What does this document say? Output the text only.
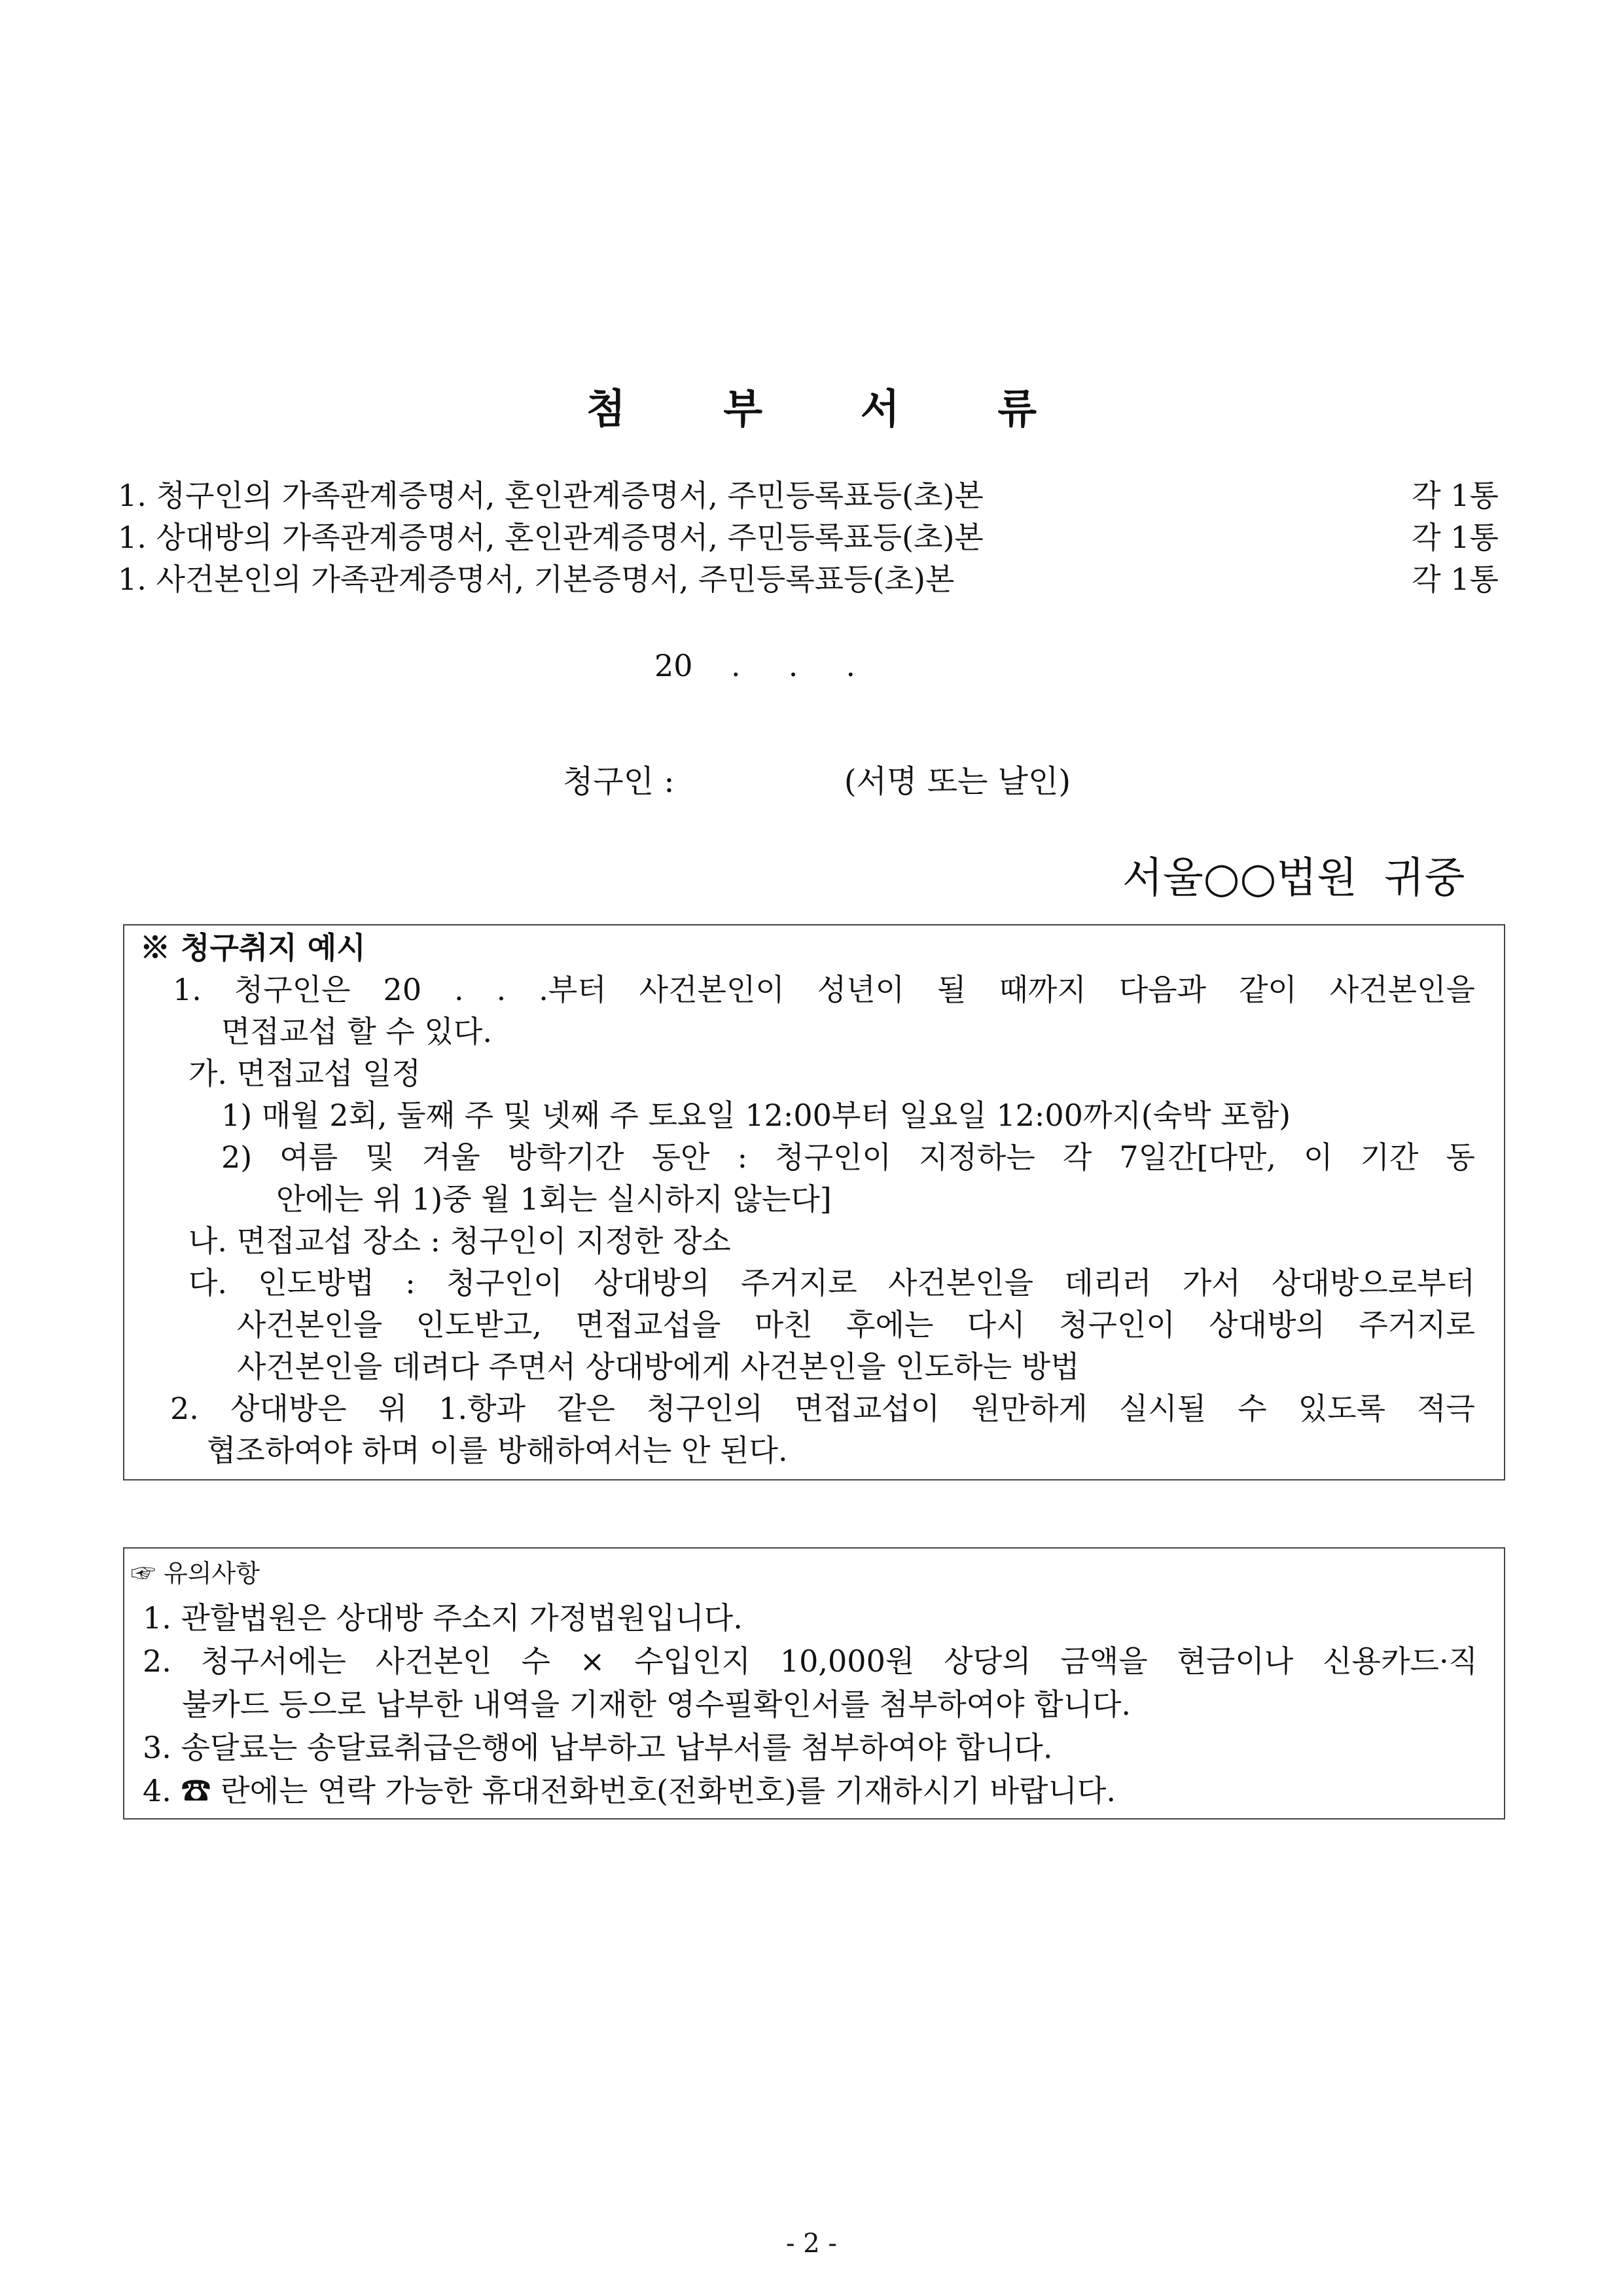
첨 부 서 류
1. 청구인의 가족관계증명서, 혼인관계증명서, 주민등록표등(초)본	각 1통
1. 상대방의 가족관계증명서, 혼인관계증명서, 주민등록표등(초)본	각 1통
1. 사건본인의 가족관계증명서, 기본증명서, 주민등록표등(초)본	각 1통
20    .     .     .
청구인 :                 (서명 또는 날인)
서울○○법원  귀중
※ 청구취지 예시
1. 청구인은 20 . . .부터 사건본인이 성년이 될 때까지 다음과 같이 사건본인을
면접교섭 할 수 있다.
가. 면접교섭 일정
1) 매월 2회, 둘째 주 및 넷째 주 토요일 12:00부터 일요일 12:00까지(숙박 포함)
2) 여름 및 겨울 방학기간 동안 : 청구인이 지정하는 각 7일간[다만, 이 기간 동
안에는 위 1)중 월 1회는 실시하지 않는다]
나. 면접교섭 장소 : 청구인이 지정한 장소
다. 인도방법 : 청구인이 상대방의 주거지로 사건본인을 데리러 가서 상대방으로부터
사건본인을 인도받고, 면접교섭을 마친 후에는 다시 청구인이 상대방의 주거지로
사건본인을 데려다 주면서 상대방에게 사건본인을 인도하는 방법
2. 상대방은 위 1.항과 같은 청구인의 면접교섭이 원만하게 실시될 수 있도록 적극
협조하여야 하며 이를 방해하여서는 안 된다.
☞ 유의사항
1. 관할법원은 상대방 주소지 가정법원입니다.
2. 청구서에는 사건본인 수 × 수입인지 10,000원 상당의 금액을 현금이나 신용카드·직
불카드 등으로 납부한 내역을 기재한 영수필확인서를 첨부하여야 합니다.
3. 송달료는 송달료취급은행에 납부하고 납부서를 첨부하여야 합니다.
4. ☎ 란에는 연락 가능한 휴대전화번호(전화번호)를 기재하시기 바랍니다.
- 2 -
